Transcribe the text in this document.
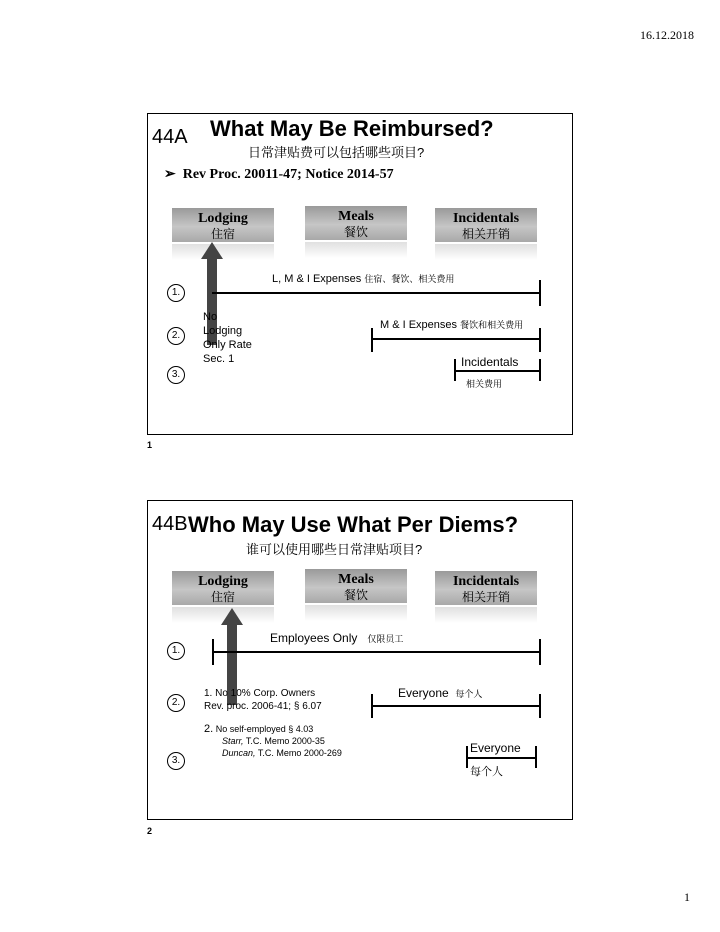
16.12.2018
44A What May Be Reimbursed?
日常津贴费可以包括哪些项目?
➢ Rev Proc. 20011-47; Notice 2014-57
Lodging
住宿
Meals
餐饮
Incidentals
相关开销
1.
2.
3.
L, M & I Expenses 住宿、餐饮、相关费用
No
Lodging
Only Rate
Sec. 1
M & I Expenses 餐饮和相关费用
Incidentals
相关费用
1
44B Who May Use What Per Diems?
谁可以使用哪些日常津贴项目?
Lodging
住宿
Meals
餐饮
Incidentals
相关开销
1.
2.
3.
Employees Only 仅限员工
1. No 10% Corp. Owners
Rev. proc. 2006-41; § 6.07
2. No self-employed § 4.03
Starr, T.C. Memo 2000-35
Duncan, T.C. Memo 2000-269
Everyone 每个人
Everyone
每个人
2
1
